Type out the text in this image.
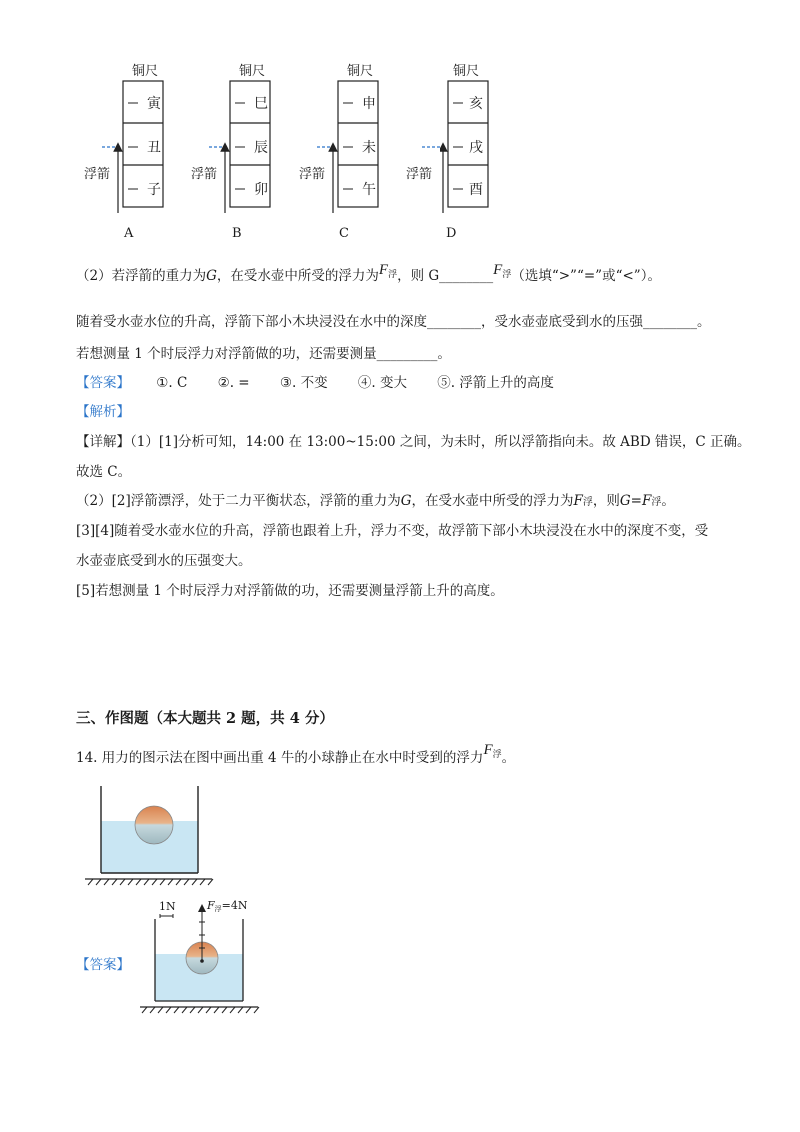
铜尺
寅
丑
子
浮箭
A
铜尺
巳
辰
卯
浮箭
B
铜尺
申
未
午
浮箭
C
铜尺
亥
戌
酉
浮箭
D
（2）若浮箭的重力为G，在受水壶中所受的浮力为$F_浮$，则 $G\_\_\_\_\_\_\_\_F_浮$（选填“>”“=”或“<”）。
随着受水壶水位的升高，浮箭下部小木块浸没在水中的深度________，受水壶壶底受到水的压强________。
若想测量 1 个时辰浮力对浮箭做的功，还需要测量_________。
【答案】 ①. C ②. = ③. 不变 ④. 变大 ⑤. 浮箭上升的高度
【解析】
【详解】（1）[1]分析可知，14:00 在 13:00~15:00 之间，为未时，所以浮箭指向未。故 ABD 错误，C 正确。
故选 C。
（2）[2]浮箭漂浮，处于二力平衡状态，浮箭的重力为G，在受水壶中所受的浮力为F浮，则G=F浮。
[3][4]随着受水壶水位的升高，浮箭也跟着上升，浮力不变，故浮箭下部小木块浸没在水中的深度不变，受
水壶壶底受到水的压强变大。
[5]若想测量 1 个时辰浮力对浮箭做的功，还需要测量浮箭上升的高度。
三、作图题（本大题共 2 题，共 4 分）
14. 用力的图示法在图中画出重 4 牛的小球静止在水中时受到的浮力$F_浮$。
【答案】
1N	F浮=4N
